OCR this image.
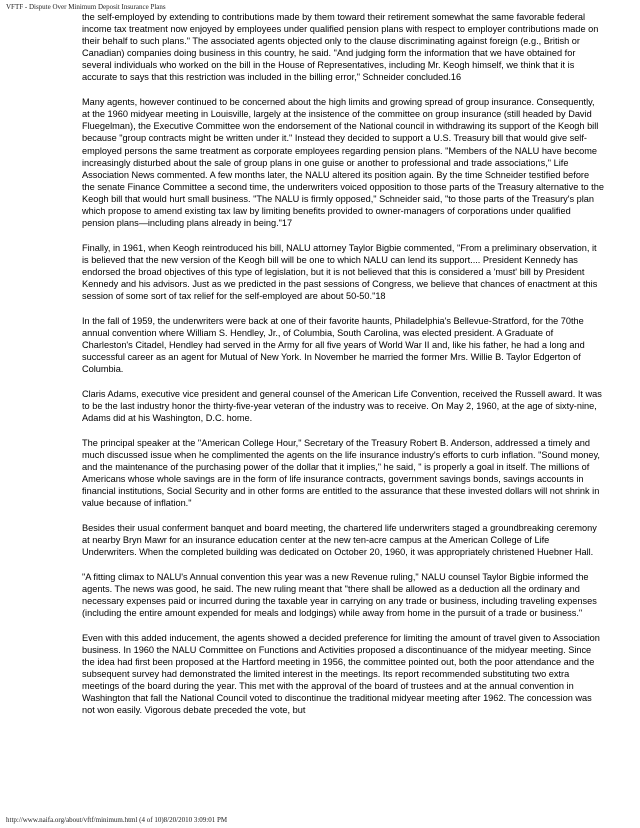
VFTF - Dispute Over Minimum Deposit Insurance Plans

the self-employed by extending to contributions made by them toward their retirement somewhat the same favorable federal income tax treatment now enjoyed by employees under qualified pension plans with respect to employer contributions made on their behalf to such plans." The associated agents objected only to the clause discriminating against foreign (e.g., British or Canadian) companies doing business in this country, he said. "And judging form the information that we have obtained for several individuals who worked on the bill in the House of Representatives, including Mr. Keogh himself, we think that it is accurate to says that this restriction was included in the billing error," Schneider concluded.16

Many agents, however continued to be concerned about the high limits and growing spread of group insurance. Consequently, at the 1960 midyear meeting in Louisville, largely at the insistence of the committee on group insurance (still headed by David Fluegelman), the Executive Committee won the endorsement of the National council in withdrawing its support of the Keogh bill because "group contracts might be written under it." Instead they decided to support a U.S. Treasury bill that would give self-employed persons the same treatment as corporate employees regarding pension plans. "Members of the NALU have become increasingly disturbed about the sale of group plans in one guise or another to professional and trade associations," Life Association News commented. A few months later, the NALU altered its position again. By the time Schneider testified before the senate Finance Committee a second time, the underwriters voiced opposition to those parts of the Treasury alternative to the Keogh bill that would hurt small business. "The NALU is firmly opposed," Schneider said, "to those parts of the Treasury's plan which propose to amend existing tax law by limiting benefits provided to owner-managers of corporations under qualified pension plans—including plans already in being."17

Finally, in 1961, when Keogh reintroduced his bill, NALU attorney Taylor Bigbie commented, "From a preliminary observation, it is believed that the new version of the Keogh bill will be one to which NALU can lend its support.... President Kennedy has endorsed the broad objectives of this type of legislation, but it is not believed that this is considered a 'must' bill by President Kennedy and his advisors. Just as we predicted in the past sessions of Congress, we believe that chances of enactment at this session of some sort of tax relief for the self-employed are about 50-50."18

In the fall of 1959, the underwriters were back at one of their favorite haunts, Philadelphia's Bellevue-Stratford, for the 70the annual convention where William S. Hendley, Jr., of Columbia, South Carolina, was elected president. A Graduate of Charleston's Citadel, Hendley had served in the Army for all five years of World War II and, like his father, he had a long and successful career as an agent for Mutual of New York. In November he married the former Mrs. Willie B. Taylor Edgerton of Columbia.

Claris Adams, executive vice president and general counsel of the American Life Convention, received the Russell award. It was to be the last industry honor the thirty-five-year veteran of the industry was to receive. On May 2, 1960, at the age of sixty-nine, Adams did at his Washington, D.C. home.

The principal speaker at the "American College Hour," Secretary of the Treasury Robert B. Anderson, addressed a timely and much discussed issue when he complimented the agents on the life insurance industry's efforts to curb inflation. "Sound money, and the maintenance of the purchasing power of the dollar that it implies," he said, " is properly a goal in itself. The millions of Americans whose whole savings are in the form of life insurance contracts, government savings bonds, savings accounts in financial institutions, Social Security and in other forms are entitled to the assurance that these invested dollars will not shrink in value because of inflation."

Besides their usual conferment banquet and board meeting, the chartered life underwriters staged a groundbreaking ceremony at nearby Bryn Mawr for an insurance education center at the new ten-acre campus at the American College of Life Underwriters. When the completed building was dedicated on October 20, 1960, it was appropriately christened Huebner Hall.

"A fitting climax to NALU's Annual convention this year was a new Revenue ruling," NALU counsel Taylor Bigbie informed the agents. The news was good, he said. The new ruling meant that "there shall be allowed as a deduction all the ordinary and necessary expenses paid or incurred during the taxable year in carrying on any trade or business, including traveling expenses (including the entire amount expended for meals and lodgings) while away from home in the pursuit of a trade or business."

Even with this added inducement, the agents showed a decided preference for limiting the amount of travel given to Association business. In 1960 the NALU Committee on Functions and Activities proposed a discontinuance of the midyear meeting. Since the idea had first been proposed at the Hartford meeting in 1956, the committee pointed out, both the poor attendance and the subsequent survey had demonstrated the limited interest in the meetings. Its report recommended substituting two extra meetings of the board during the year. This met with the approval of the board of trustees and at the annual convention in Washington that fall the National Council voted to discontinue the traditional midyear meeting after 1962. The concession was not won easily. Vigorous debate preceded the vote, but

http://www.naifa.org/about/vftf/minimum.html (4 of 10)8/20/2010 3:09:01 PM
